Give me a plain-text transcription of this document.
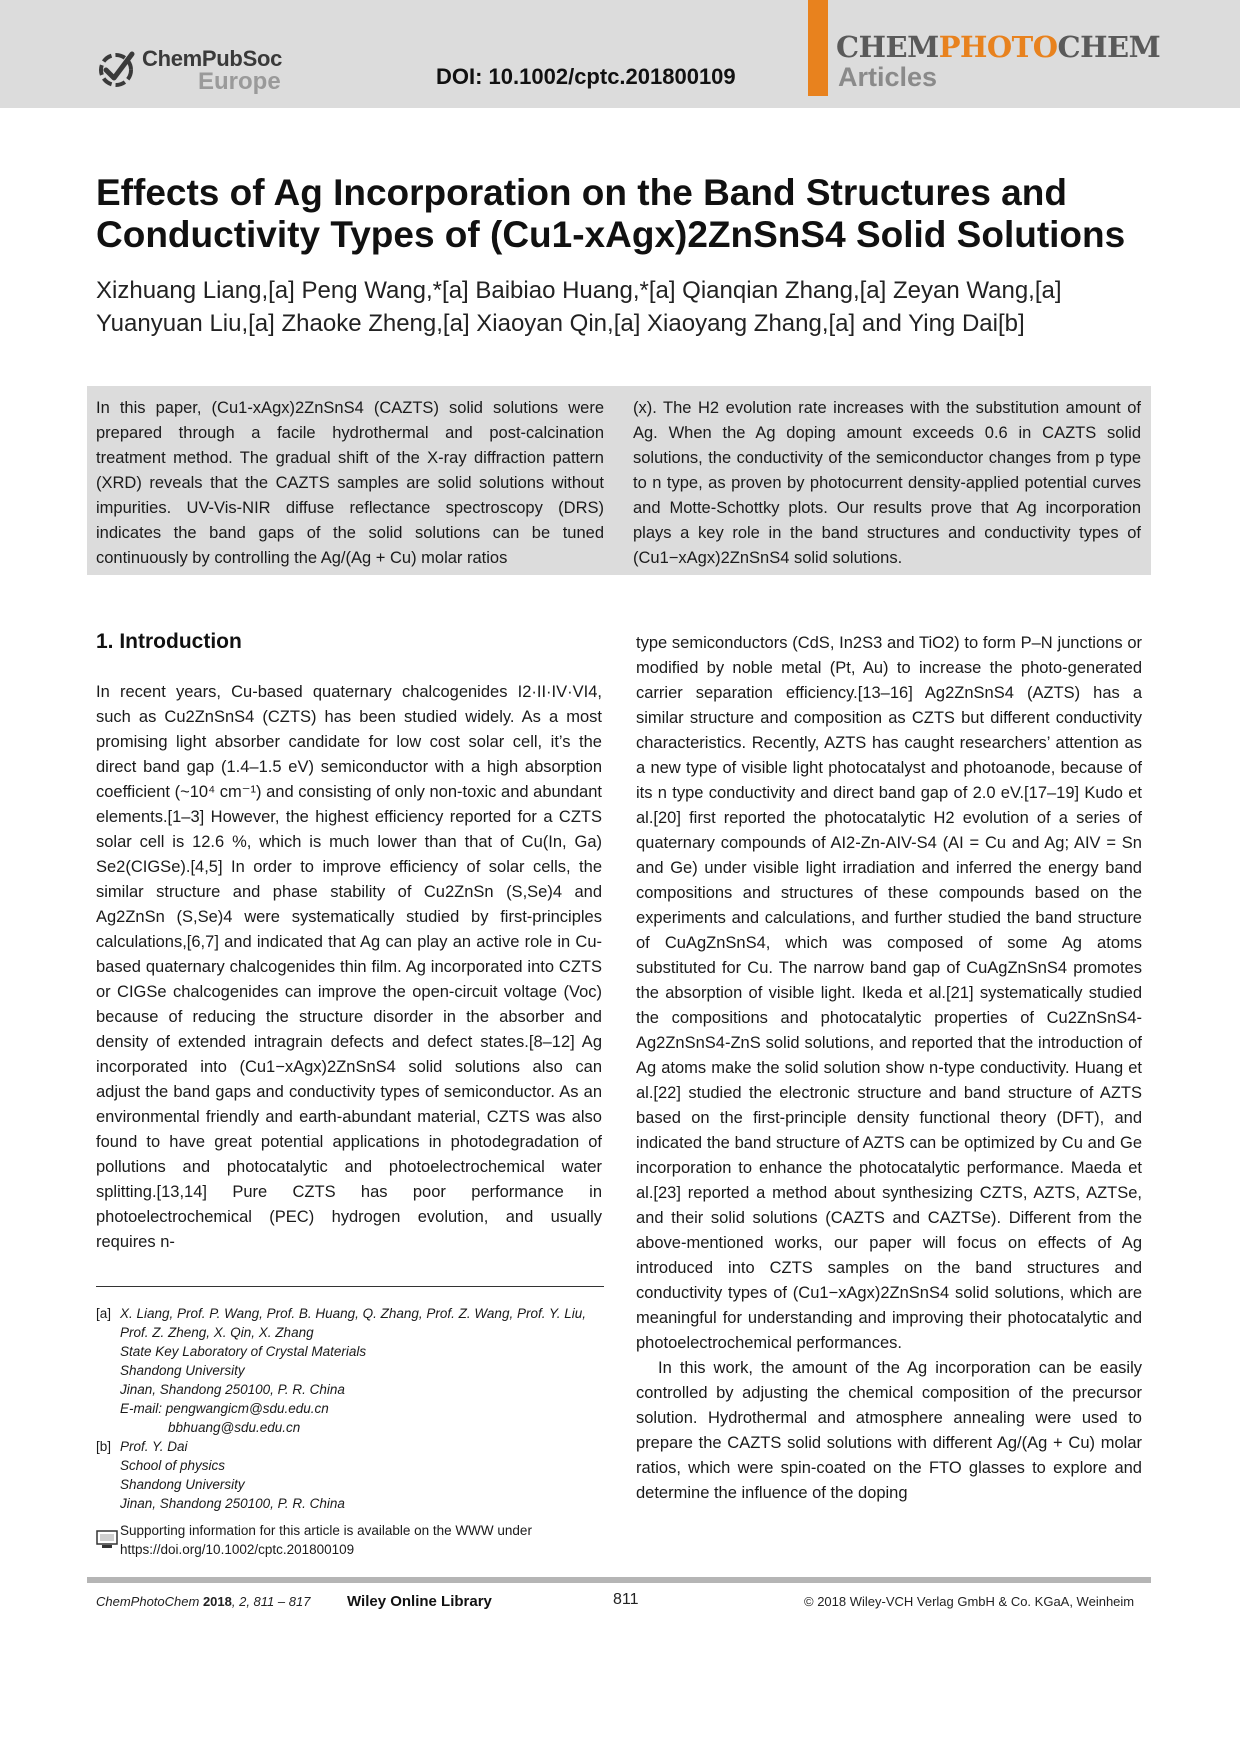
ChemPubSoc
Europe	DOI: 10.1002/cptc.201800109
CHEMPHOTOCHEM
Articles
Effects of Ag Incorporation on the Band Structures and Conductivity Types of (Cu1-xAgx)2ZnSnS4 Solid Solutions
Xizhuang Liang,[a] Peng Wang,*[a] Baibiao Huang,*[a] Qianqian Zhang,[a] Zeyan Wang,[a] Yuanyuan Liu,[a] Zhaoke Zheng,[a] Xiaoyan Qin,[a] Xiaoyang Zhang,[a] and Ying Dai[b]
In this paper, (Cu1-xAgx)2ZnSnS4 (CAZTS) solid solutions were prepared through a facile hydrothermal and post-calcination treatment method. The gradual shift of the X-ray diffraction pattern (XRD) reveals that the CAZTS samples are solid solutions without impurities. UV-Vis-NIR diffuse reflectance spectroscopy (DRS) indicates the band gaps of the solid solutions can be tuned continuously by controlling the Ag/(Ag + Cu) molar ratios
(x). The H2 evolution rate increases with the substitution amount of Ag. When the Ag doping amount exceeds 0.6 in CAZTS solid solutions, the conductivity of the semiconductor changes from p type to n type, as proven by photocurrent density-applied potential curves and Motte-Schottky plots. Our results prove that Ag incorporation plays a key role in the band structures and conductivity types of (Cu1−xAgx)2ZnSnS4 solid solutions.
1. Introduction

In recent years, Cu-based quaternary chalcogenides I2·II·IV·VI4, such as Cu2ZnSnS4 (CZTS) has been studied widely. As a most promising light absorber candidate for low cost solar cell, it’s the direct band gap (1.4–1.5 eV) semiconductor with a high absorption coefficient (~10⁴ cm⁻¹) and consisting of only non-toxic and abundant elements.[1–3] However, the highest efficiency reported for a CZTS solar cell is 12.6 %, which is much lower than that of Cu(In, Ga) Se2(CIGSe).[4,5] In order to improve efficiency of solar cells, the similar structure and phase stability of Cu2ZnSn (S,Se)4 and Ag2ZnSn (S,Se)4 were systematically studied by first-principles calculations,[6,7] and indicated that Ag can play an active role in Cu-based quaternary chalcogenides thin film. Ag incorporated into CZTS or CIGSe chalcogenides can improve the open-circuit voltage (Voc) because of reducing the structure disorder in the absorber and density of extended intragrain defects and defect states.[8–12] Ag incorporated into (Cu1−xAgx)2ZnSnS4 solid solutions also can adjust the band gaps and conductivity types of semiconductor. As an environmental friendly and earth-abundant material, CZTS was also found to have great potential applications in photodegradation of pollutions and photocatalytic and photoelectrochemical water splitting.[13,14] Pure CZTS has poor performance in photoelectrochemical (PEC) hydrogen evolution, and usually requires n-

type semiconductors (CdS, In2S3 and TiO2) to form P–N junctions or modified by noble metal (Pt, Au) to increase the photo-generated carrier separation efficiency.[13–16] Ag2ZnSnS4 (AZTS) has a similar structure and composition as CZTS but different conductivity characteristics. Recently, AZTS has caught researchers’ attention as a new type of visible light photocatalyst and photoanode, because of its n type conductivity and direct band gap of 2.0 eV.[17–19] Kudo et al.[20] first reported the photocatalytic H2 evolution of a series of quaternary compounds of AI2-Zn-AIV-S4 (AI = Cu and Ag; AIV = Sn and Ge) under visible light irradiation and inferred the energy band compositions and structures of these compounds based on the experiments and calculations, and further studied the band structure of CuAgZnSnS4, which was composed of some Ag atoms substituted for Cu. The narrow band gap of CuAgZnSnS4 promotes the absorption of visible light. Ikeda et al.[21] systematically studied the compositions and photocatalytic properties of Cu2ZnSnS4-Ag2ZnSnS4-ZnS solid solutions, and reported that the introduction of Ag atoms make the solid solution show n-type conductivity. Huang et al.[22] studied the electronic structure and band structure of AZTS based on the first-principle density functional theory (DFT), and indicated the band structure of AZTS can be optimized by Cu and Ge incorporation to enhance the photocatalytic performance. Maeda et al.[23] reported a method about synthesizing CZTS, AZTS, AZTSe, and their solid solutions (CAZTS and CAZTSe). Different from the above-mentioned works, our paper will focus on effects of Ag introduced into CZTS samples on the band structures and conductivity types of (Cu1−xAgx)2ZnSnS4 solid solutions, which are meaningful for understanding and improving their photocatalytic and photoelectrochemical performances.

In this work, the amount of the Ag incorporation can be easily controlled by adjusting the chemical composition of the precursor solution. Hydrothermal and atmosphere annealing were used to prepare the CAZTS solid solutions with different Ag/(Ag + Cu) molar ratios, which were spin-coated on the FTO glasses to explore and determine the influence of the doping

[a] X. Liang, Prof. P. Wang, Prof. B. Huang, Q. Zhang, Prof. Z. Wang, Prof. Y. Liu, Prof. Z. Zheng, X. Qin, X. Zhang
State Key Laboratory of Crystal Materials
Shandong University
Jinan, Shandong 250100, P. R. China
E-mail: pengwangicm@sdu.edu.cn
bbhuang@sdu.edu.cn
[b] Prof. Y. Dai
School of physics
Shandong University
Jinan, Shandong 250100, P. R. China
Supporting information for this article is available on the WWW under https://doi.org/10.1002/cptc.201800109
ChemPhotoChem 2018, 2, 811 – 817 Wiley Online Library	811	© 2018 Wiley-VCH Verlag GmbH & Co. KGaA, Weinheim
